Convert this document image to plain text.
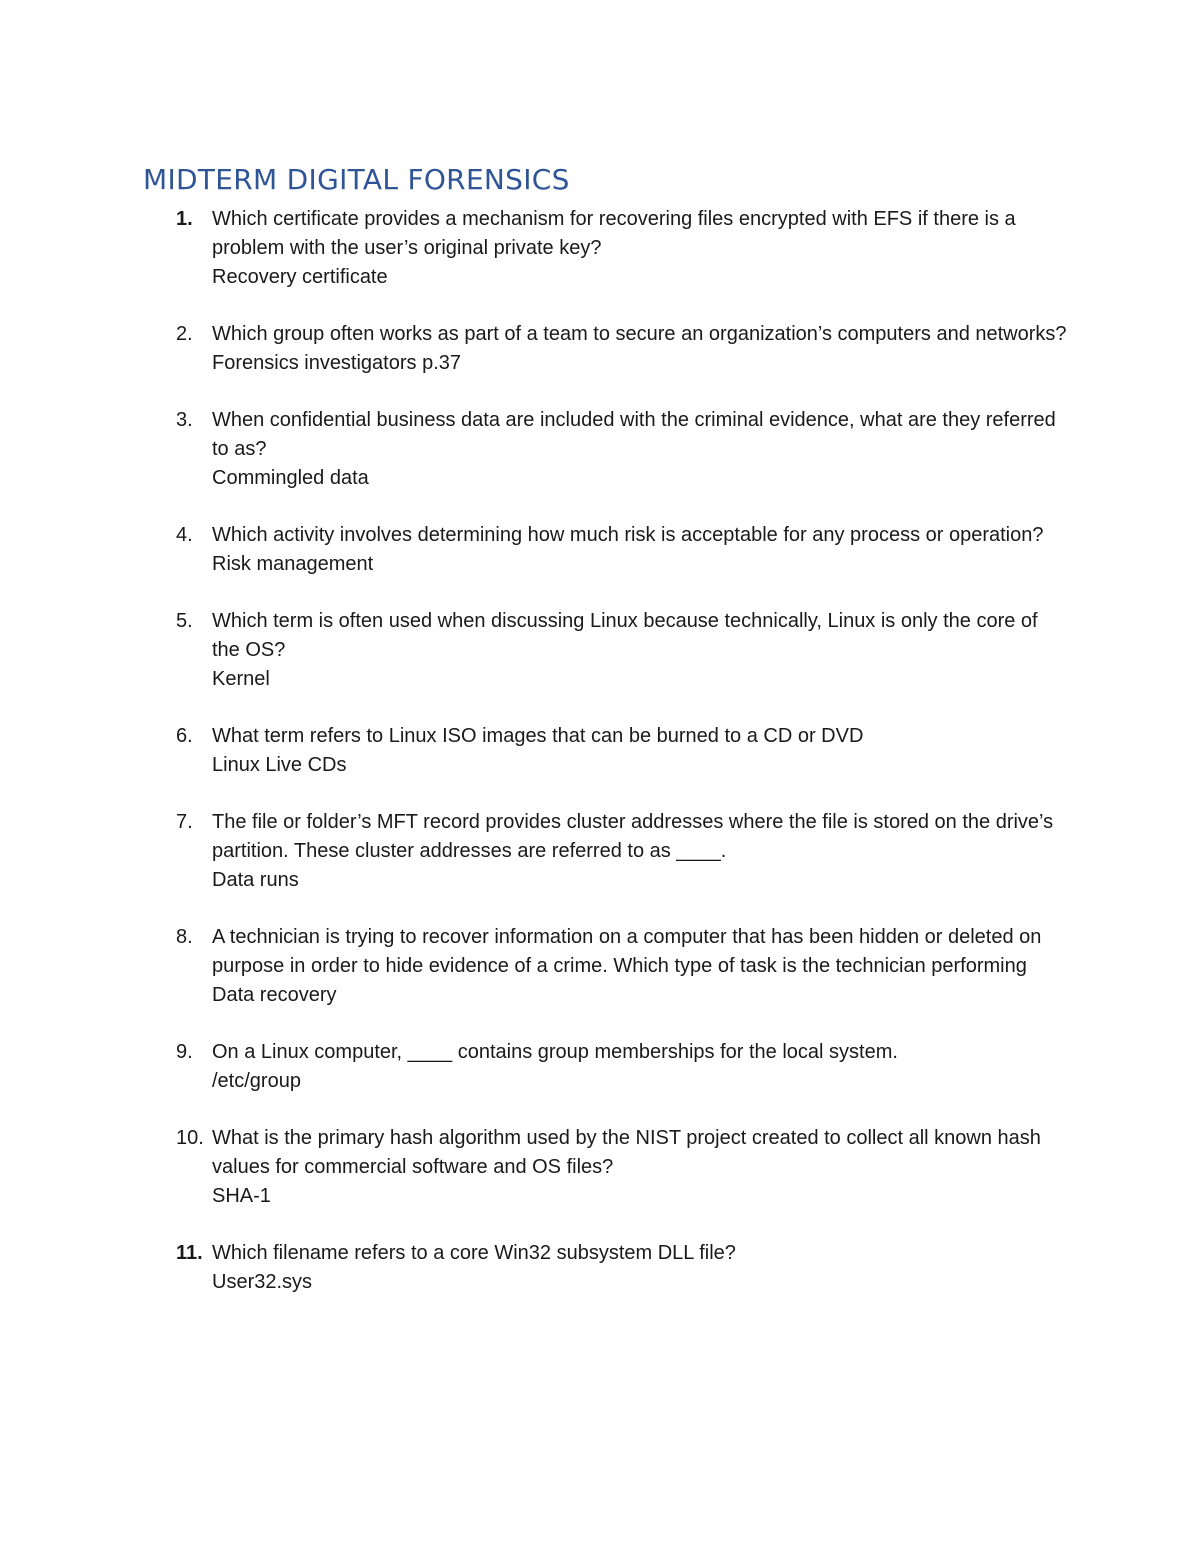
MIDTERM DIGITAL FORENSICS
1. Which certificate provides a mechanism for recovering files encrypted with EFS if there is a problem with the user’s original private key?
Recovery certificate
2. Which group often works as part of a team to secure an organization’s computers and networks?
Forensics investigators p.37
3. When confidential business data are included with the criminal evidence, what are they referred to as?
Commingled data
4. Which activity involves determining how much risk is acceptable for any process or operation?
Risk management
5. Which term is often used when discussing Linux because technically, Linux is only the core of the OS?
Kernel
6. What term refers to Linux ISO images that can be burned to a CD or DVD
Linux Live CDs
7. The file or folder’s MFT record provides cluster addresses where the file is stored on the drive’s partition. These cluster addresses are referred to as ____.
Data runs
8. A technician is trying to recover information on a computer that has been hidden or deleted on purpose in order to hide evidence of a crime. Which type of task is the technician performing
Data recovery
9. On a Linux computer, ____ contains group memberships for the local system.
/etc/group
10. What is the primary hash algorithm used by the NIST project created to collect all known hash values for commercial software and OS files?
SHA-1
11. Which filename refers to a core Win32 subsystem DLL file?
User32.sys
